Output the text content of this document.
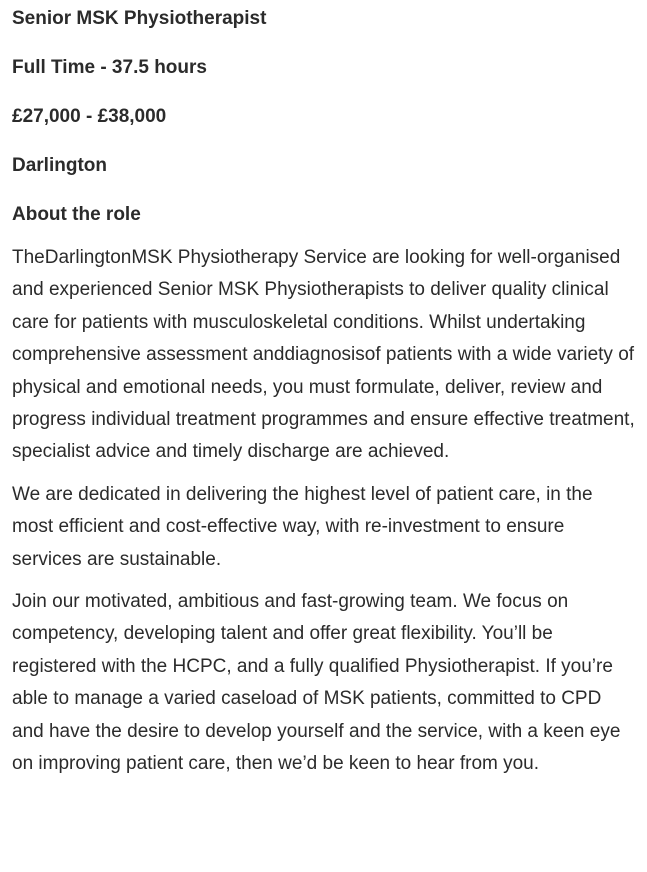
Senior MSK Physiotherapist
Full Time - 37.5 hours
£27,000 - £38,000
Darlington
About the role

TheDarlingtonMSK Physiotherapy Service are looking for well-organised and experienced Senior MSK Physiotherapists to deliver quality clinical care for patients with musculoskeletal conditions. Whilst undertaking comprehensive assessment anddiagnosisof patients with a wide variety of physical and emotional needs, you must formulate, deliver, review and progress individual treatment programmes and ensure effective treatment, specialist advice and timely discharge are achieved.

We are dedicated in delivering the highest level of patient care, in the most efficient and cost-effective way, with re-investment to ensure services are sustainable.

Join our motivated, ambitious and fast-growing team. We focus on competency, developing talent and offer great flexibility. You’ll be registered with the HCPC, and a fully qualified Physiotherapist. If you’re able to manage a varied caseload of MSK patients, committed to CPD and have the desire to develop yourself and the service, with a keen eye on improving patient care, then we’d be keen to hear from you.
